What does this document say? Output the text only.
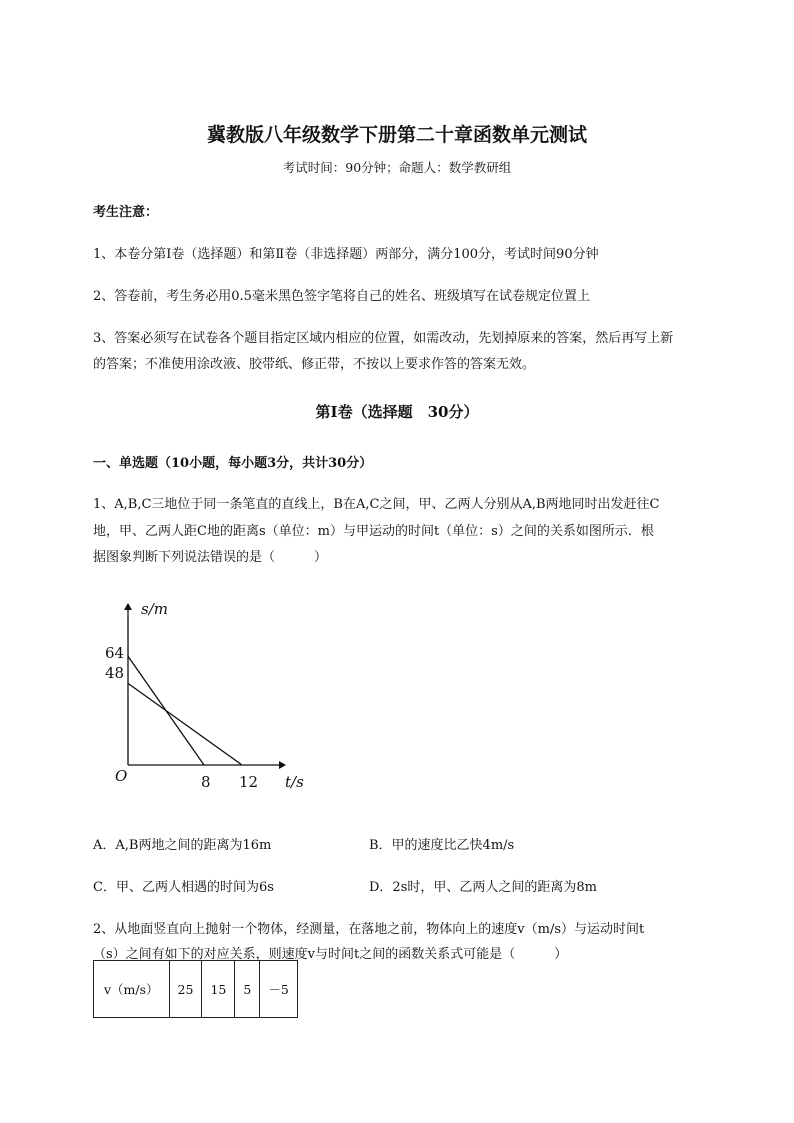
冀教版八年级数学下册第二十章函数单元测试
考试时间：90分钟；命题人：数学教研组
考生注意：
1、本卷分第I卷（选择题）和第Ⅱ卷（非选择题）两部分，满分100分，考试时间90分钟
2、答卷前，考生务必用0.5毫米黑色签字笔将自己的姓名、班级填写在试卷规定位置上
3、答案必须写在试卷各个题目指定区域内相应的位置，如需改动，先划掉原来的答案，然后再写上新
的答案；不准使用涂改液、胶带纸、修正带，不按以上要求作答的答案无效。
第I卷（选择题　30分）
一、单选题（10小题，每小题3分，共计30分）
1、A,B,C三地位于同一条笔直的直线上，B在A,C之间，甲、乙两人分别从A,B两地同时出发赶往C
地，甲、乙两人距C地的距离s（单位：m）与甲运动的时间t（单位：s）之间的关系如图所示．根
据图象判断下列说法错误的是（　　　）
s/m
t/s
O
64
48
8 12
A．A,B两地之间的距离为16m	B．甲的速度比乙快4m/s
C．甲、乙两人相遇的时间为6s	D．2s时，甲、乙两人之间的距离为8m
2、从地面竖直向上抛射一个物体，经测量，在落地之前，物体向上的速度v（m/s）与运动时间t
（s）之间有如下的对应关系，则速度v与时间t之间的函数关系式可能是（　　　）
v（m/s）	25	15	5	－5
